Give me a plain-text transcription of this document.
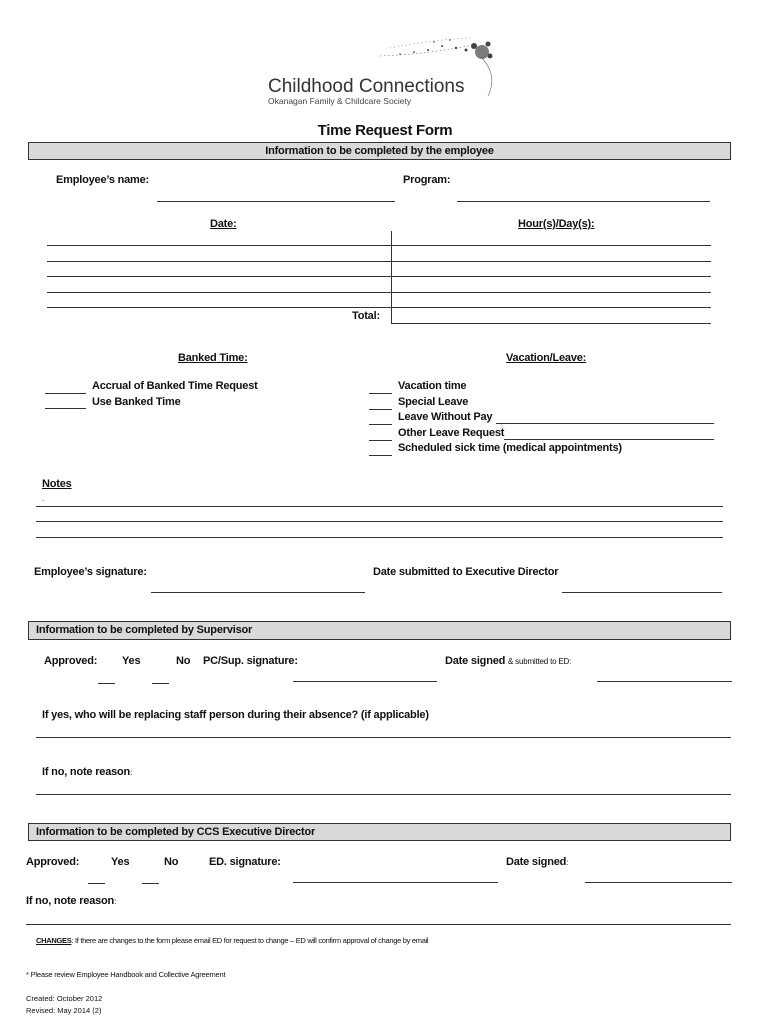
Childhood Connections
Okanagan Family & Childcare Society
Time Request Form
Information to be completed by the employee
Employee’s name:	Program:
Date:	Hour(s)/Day(s):
Total:
Banked Time:	Vacation/Leave:
Accrual of Banked Time Request
Use Banked Time
Vacation time
Special Leave
Leave Without Pay
Other Leave Request
Scheduled sick time (medical appointments)
Notes
.
Employee’s signature:	Date submitted to Executive Director
Information to be completed by Supervisor
Approved: Yes	No PC/Sup. signature:	Date signed & submitted to ED:
If yes, who will be replacing staff person during their absence? (if applicable)
If no, note reason:
Information to be completed by CCS Executive Director
Approved:	Yes	No	ED. signature:	Date signed:
If no, note reason:
CHANGES: If there are changes to the form please email ED for request to change – ED will confirm approval of change by email
* Please review Employee Handbook and Collective Agreement
Created: October 2012
Revised: May 2014 (2)
